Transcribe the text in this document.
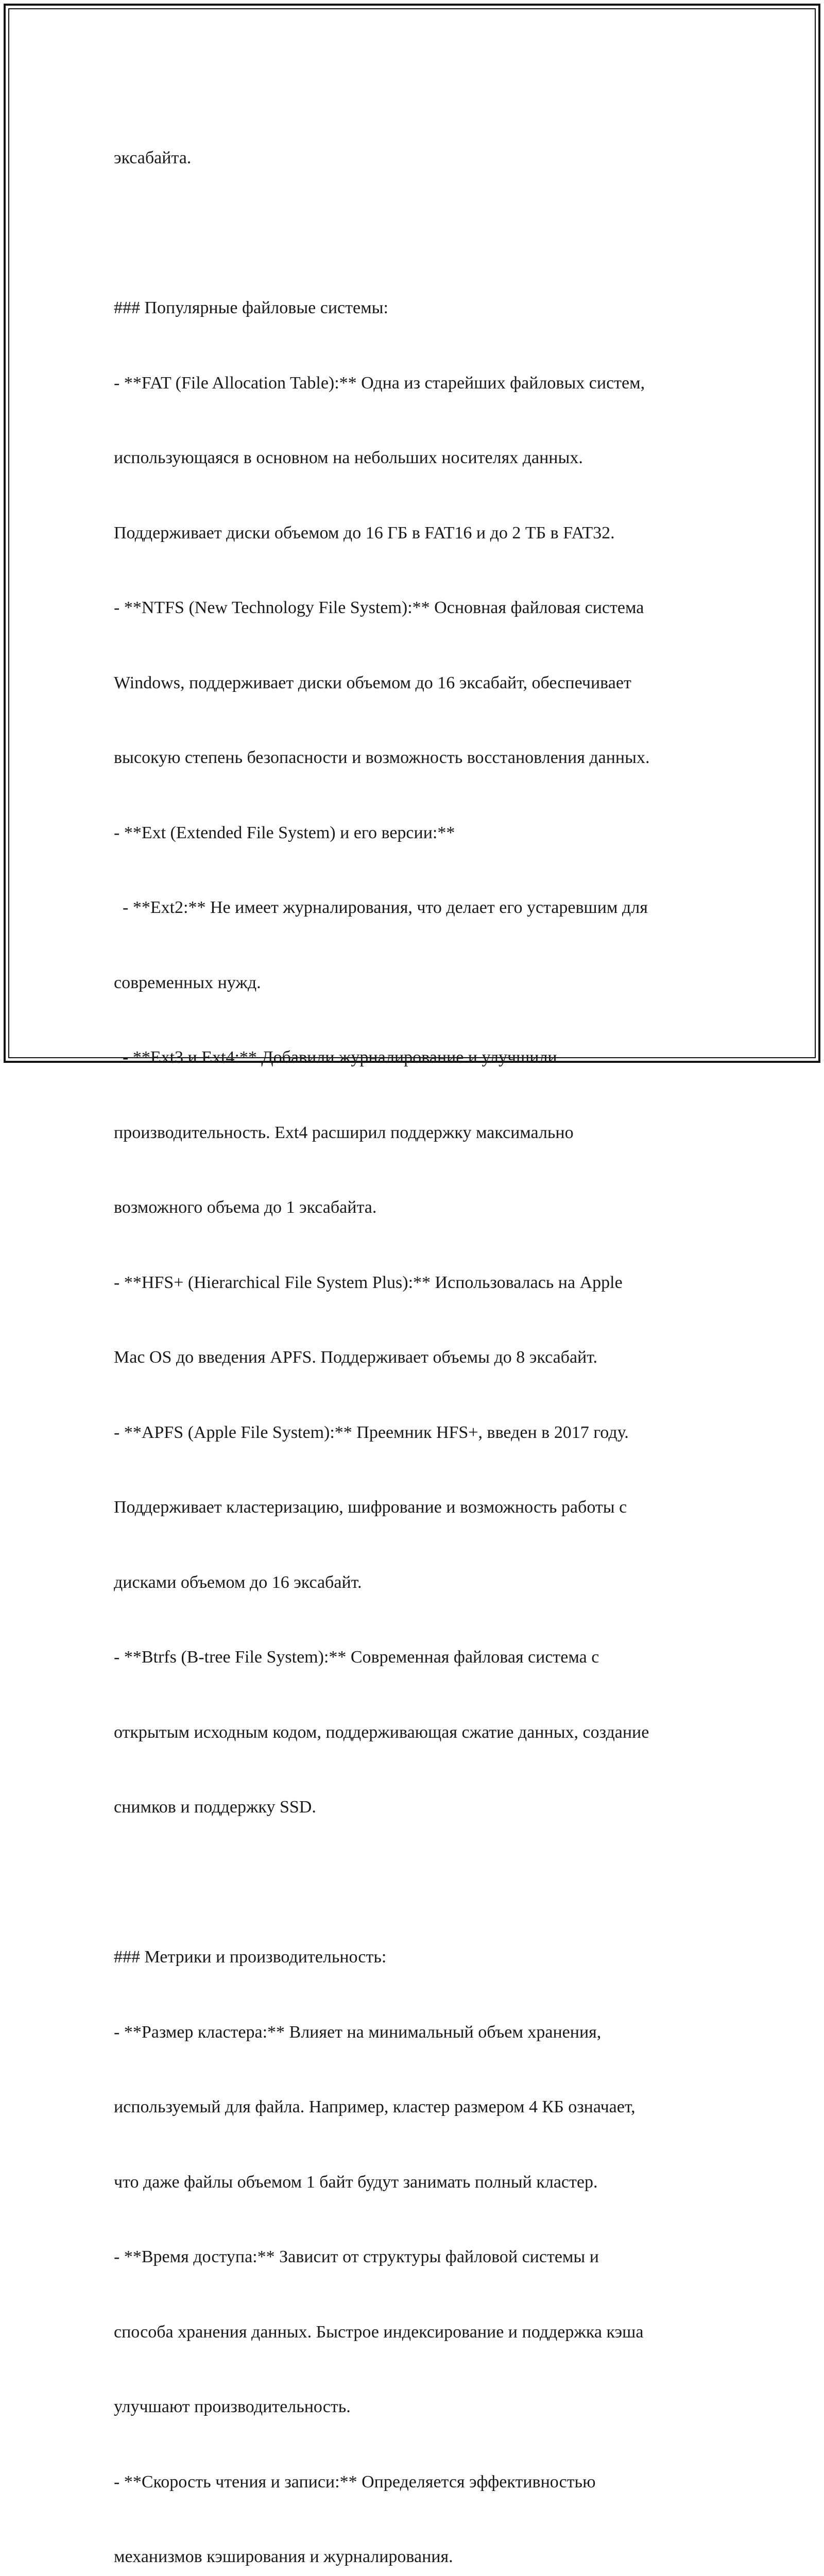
эксабайта.

### Популярные файловые системы:

- **FAT (File Allocation Table):** Одна из старейших файловых систем,

использующаяся в основном на небольших носителях данных.

Поддерживает диски объемом до 16 ГБ в FAT16 и до 2 ТБ в FAT32.

- **NTFS (New Technology File System):** Основная файловая система

Windows, поддерживает диски объемом до 16 эксабайт, обеспечивает

высокую степень безопасности и возможность восстановления данных.

- **Ext (Extended File System) и его версии:**

- **Ext2:** Не имеет журналирования, что делает его устаревшим для

современных нужд.

- **Ext3 и Ext4:** Добавили журналирование и улучшили

производительность. Ext4 расширил поддержку максимально

возможного объема до 1 эксабайта.

- **HFS+ (Hierarchical File System Plus):** Использовалась на Apple

Mac OS до введения APFS. Поддерживает объемы до 8 эксабайт.

- **APFS (Apple File System):** Преемник HFS+, введен в 2017 году.

Поддерживает кластеризацию, шифрование и возможность работы с

дисками объемом до 16 эксабайт.

- **Btrfs (B-tree File System):** Современная файловая система с

открытым исходным кодом, поддерживающая сжатие данных, создание

снимков и поддержку SSD.

### Метрики и производительность:

- **Размер кластера:** Влияет на минимальный объем хранения,

используемый для файла. Например, кластер размером 4 КБ означает,

что даже файлы объемом 1 байт будут занимать полный кластер.

- **Время доступа:** Зависит от структуры файловой системы и

способа хранения данных. Быстрое индексирование и поддержка кэша

улучшают производительность.

- **Скорость чтения и записи:** Определяется эффективностью

механизмов кэширования и журналирования.
